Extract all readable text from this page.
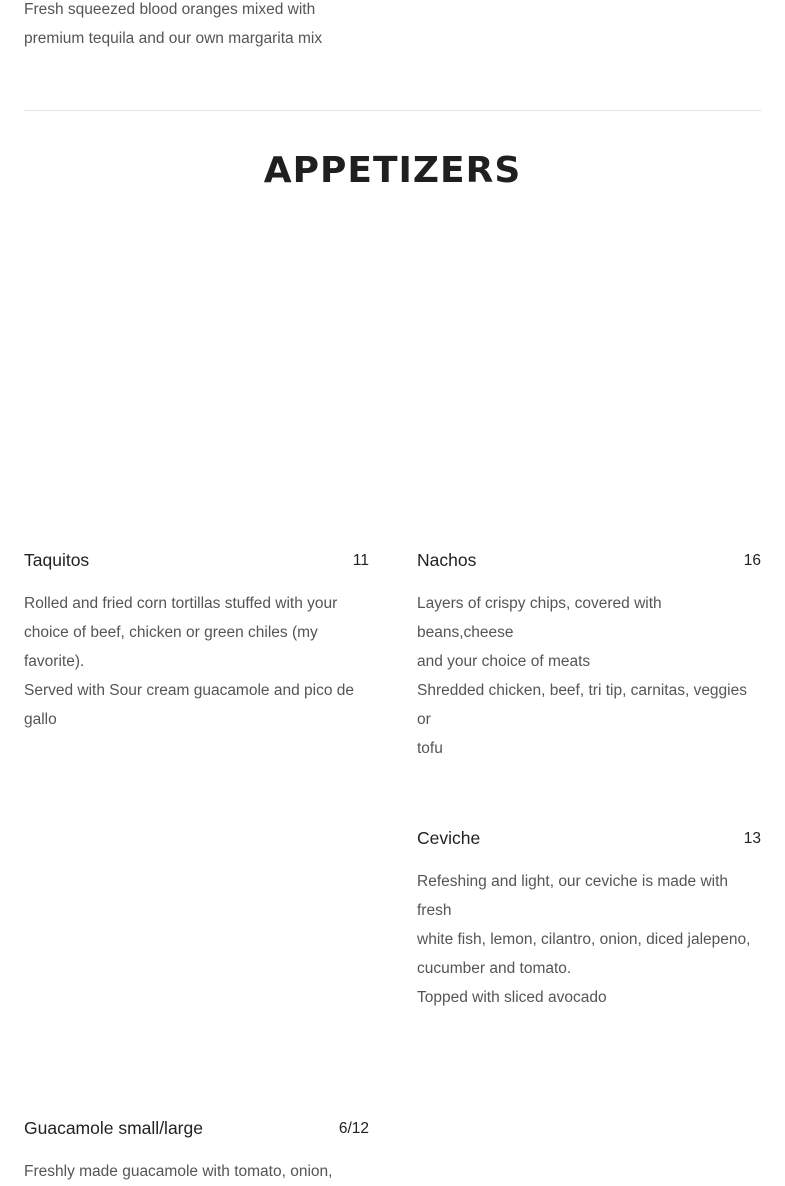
Fresh squeezed blood oranges mixed with
premium tequila and our own margarita mix
APPETIZERS
Taquitos	11
Rolled and fried corn tortillas stuffed with your
choice of beef, chicken or green chiles (my
favorite).
Served with Sour cream guacamole and pico de
gallo
Nachos	16
Layers of crispy chips, covered with beans,cheese
and your choice of meats
Shredded chicken, beef, tri tip, carnitas, veggies or
tofu
Ceviche	13
Refeshing and light, our ceviche is made with fresh
white fish, lemon, cilantro, onion, diced jalepeno,
cucumber and tomato.
Topped with sliced avocado
Guacamole small/large	6/12
Freshly made guacamole with tomato, onion,
